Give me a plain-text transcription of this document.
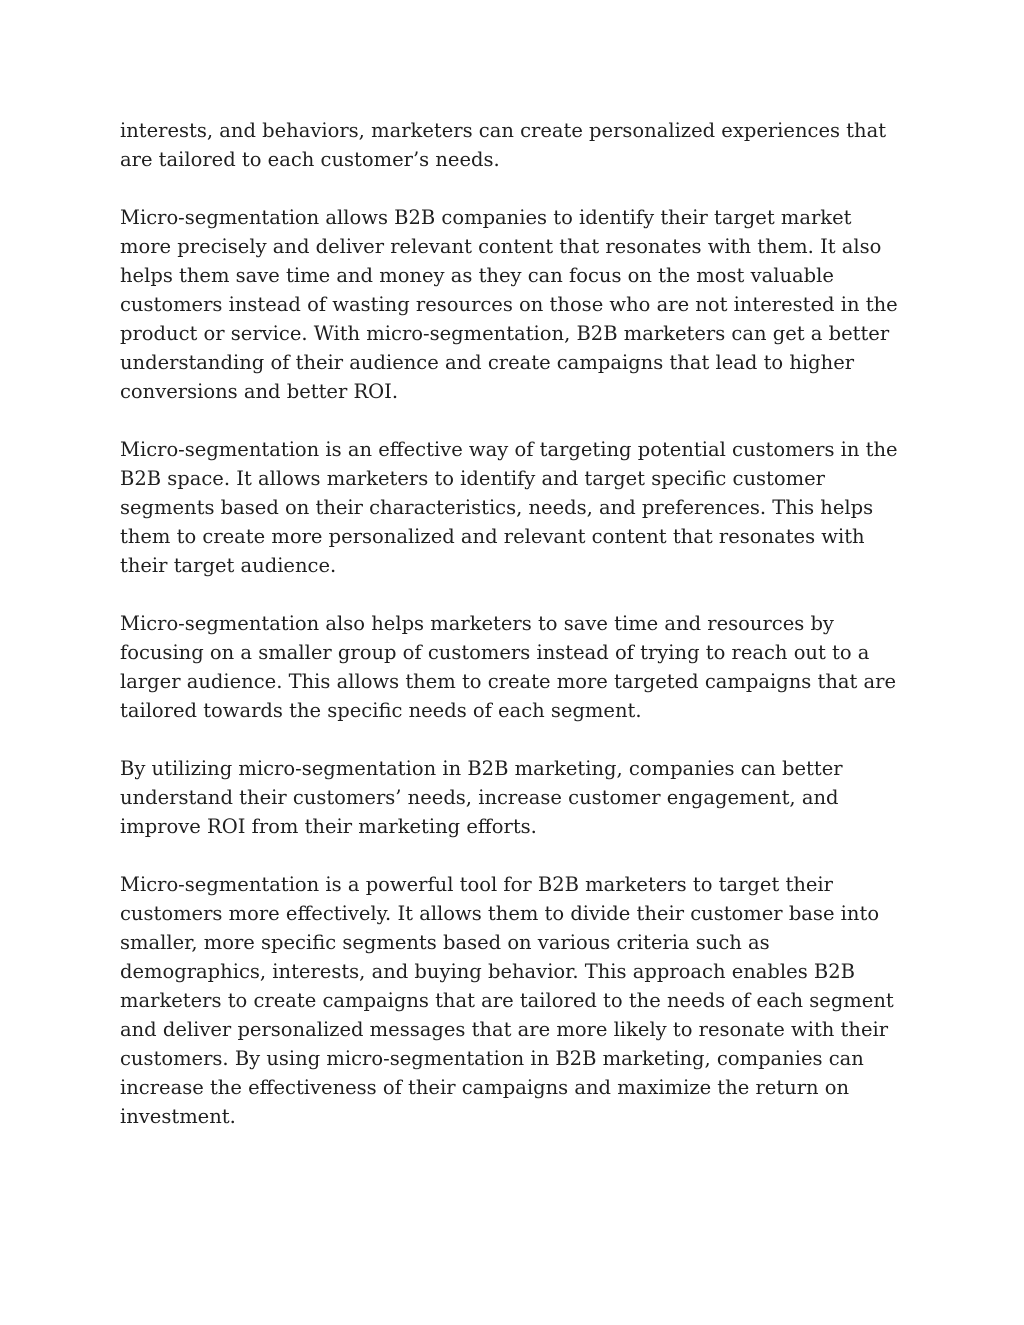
interests, and behaviors, marketers can create personalized experiences that
are tailored to each customer’s needs.

Micro-segmentation allows B2B companies to identify their target market
more precisely and deliver relevant content that resonates with them. It also
helps them save time and money as they can focus on the most valuable
customers instead of wasting resources on those who are not interested in the
product or service. With micro-segmentation, B2B marketers can get a better
understanding of their audience and create campaigns that lead to higher
conversions and better ROI.

Micro-segmentation is an effective way of targeting potential customers in the
B2B space. It allows marketers to identify and target specific customer
segments based on their characteristics, needs, and preferences. This helps
them to create more personalized and relevant content that resonates with
their target audience.

Micro-segmentation also helps marketers to save time and resources by
focusing on a smaller group of customers instead of trying to reach out to a
larger audience. This allows them to create more targeted campaigns that are
tailored towards the specific needs of each segment.

By utilizing micro-segmentation in B2B marketing, companies can better
understand their customers’ needs, increase customer engagement, and
improve ROI from their marketing efforts.

Micro-segmentation is a powerful tool for B2B marketers to target their
customers more effectively. It allows them to divide their customer base into
smaller, more specific segments based on various criteria such as
demographics, interests, and buying behavior. This approach enables B2B
marketers to create campaigns that are tailored to the needs of each segment
and deliver personalized messages that are more likely to resonate with their
customers. By using micro-segmentation in B2B marketing, companies can
increase the effectiveness of their campaigns and maximize the return on
investment.
